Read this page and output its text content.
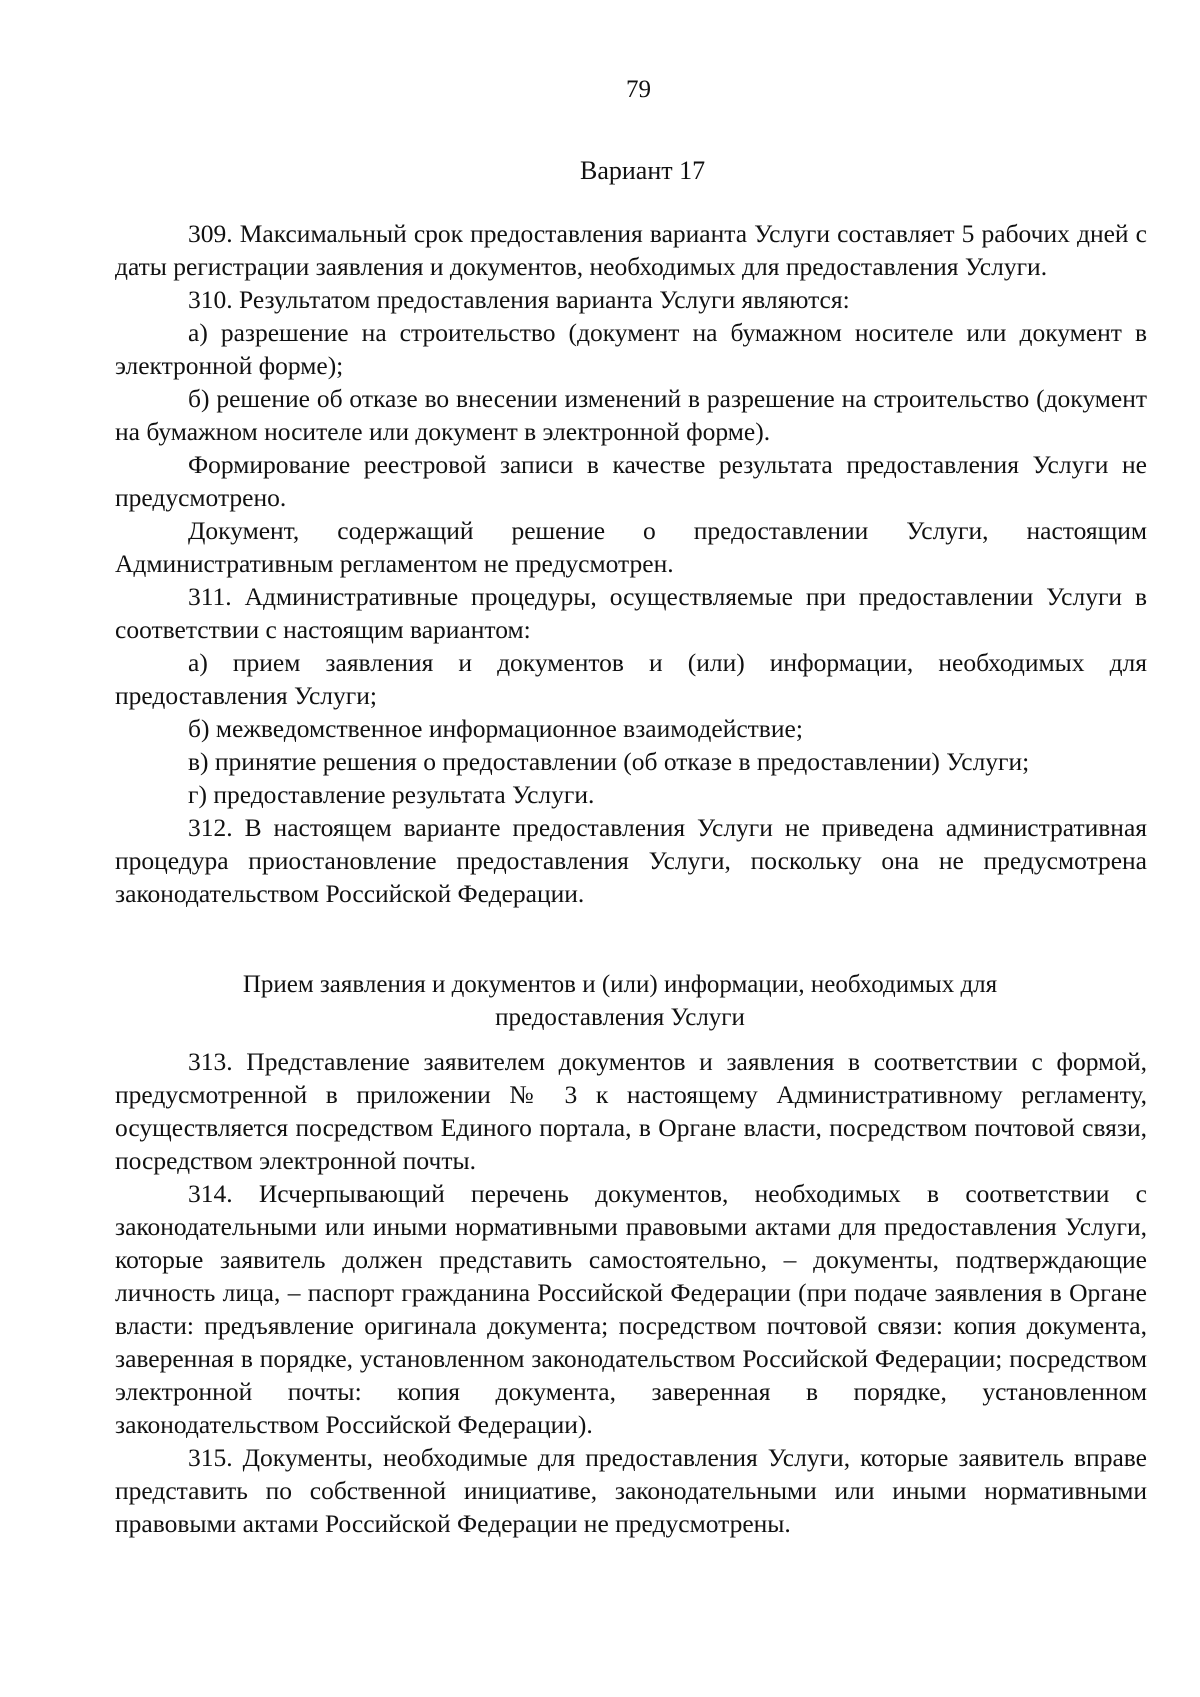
79
Вариант 17

309. Максимальный срок предоставления варианта Услуги составляет 5 рабочих дней с даты регистрации заявления и документов, необходимых для предоставления Услуги.

310. Результатом предоставления варианта Услуги являются:

а) разрешение на строительство (документ на бумажном носителе или документ в электронной форме);

б) решение об отказе во внесении изменений в разрешение на строительство (документ на бумажном носителе или документ в электронной форме).

Формирование реестровой записи в качестве результата предоставления Услуги не предусмотрено.

Документ, содержащий решение о предоставлении Услуги, настоящим Административным регламентом не предусмотрен.

311. Административные процедуры, осуществляемые при предоставлении Услуги в соответствии с настоящим вариантом:

а) прием заявления и документов и (или) информации, необходимых для предоставления Услуги;

б) межведомственное информационное взаимодействие;

в) принятие решения о предоставлении (об отказе в предоставлении) Услуги;

г) предоставление результата Услуги.

312. В настоящем варианте предоставления Услуги не приведена административная процедура приостановление предоставления Услуги, поскольку она не предусмотрена законодательством Российской Федерации.

Прием заявления и документов и (или) информации, необходимых для предоставления Услуги

313. Представление заявителем документов и заявления в соответствии с формой, предусмотренной в приложении № 3 к настоящему Административному регламенту, осуществляется посредством Единого портала, в Органе власти, посредством почтовой связи, посредством электронной почты.

314. Исчерпывающий перечень документов, необходимых в соответствии с законодательными или иными нормативными правовыми актами для предоставления Услуги, которые заявитель должен представить самостоятельно, – документы, подтверждающие личность лица, – паспорт гражданина Российской Федерации (при подаче заявления в Органе власти: предъявление оригинала документа; посредством почтовой связи: копия документа, заверенная в порядке, установленном законодательством Российской Федерации; посредством электронной почты: копия документа, заверенная в порядке, установленном законодательством Российской Федерации).

315. Документы, необходимые для предоставления Услуги, которые заявитель вправе представить по собственной инициативе, законодательными или иными нормативными правовыми актами Российской Федерации не предусмотрены.
